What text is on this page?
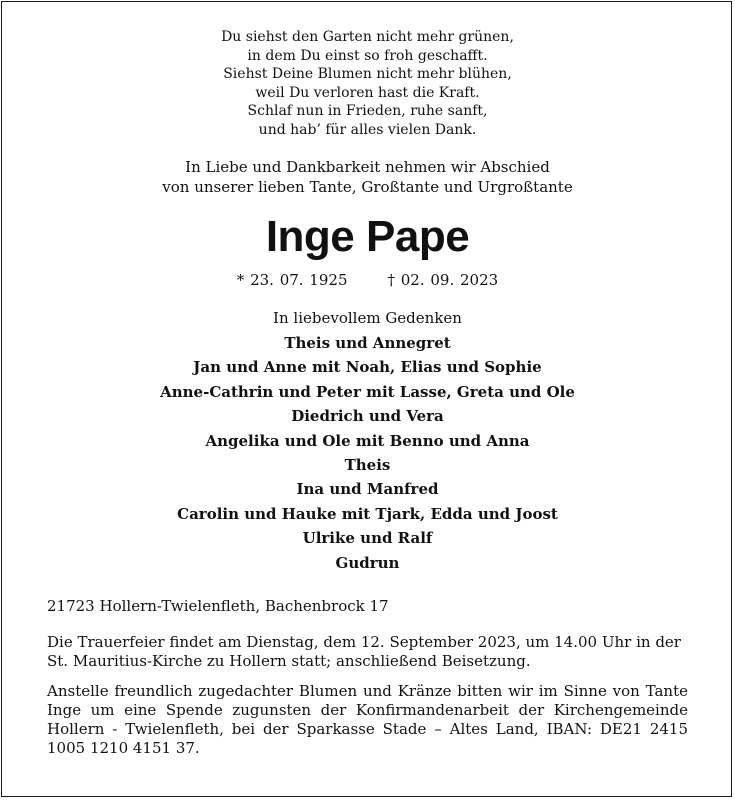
Du siehst den Garten nicht mehr grünen,
in dem Du einst so froh geschafft.
Siehst Deine Blumen nicht mehr blühen,
weil Du verloren hast die Kraft.
Schlaf nun in Frieden, ruhe sanft,
und hab’ für alles vielen Dank.
In Liebe und Dankbarkeit nehmen wir Abschied
von unserer lieben Tante, Großtante und Urgroßtante
Inge Pape
* 23. 07. 1925	† 02. 09. 2023
In liebevollem Gedenken
Theis und Annegret
Jan und Anne mit Noah, Elias und Sophie
Anne-Cathrin und Peter mit Lasse, Greta und Ole
Diedrich und Vera
Angelika und Ole mit Benno und Anna
Theis
Ina und Manfred
Carolin und Hauke mit Tjark, Edda und Joost
Ulrike und Ralf
Gudrun
21723 Hollern-Twielenfleth, Bachenbrock 17
Die Trauerfeier findet am Dienstag, dem 12. September 2023, um 14.00 Uhr in der St. Mauritius-Kirche zu Hollern statt; anschließend Beisetzung.
Anstelle freundlich zugedachter Blumen und Kränze bitten wir im Sinne von Tante Inge um eine Spende zugunsten der Konfirmandenarbeit der Kirchengemeinde Hollern - Twielenfleth, bei der Sparkasse Stade – Altes Land, IBAN: DE21 2415 1005 1210 4151 37.
